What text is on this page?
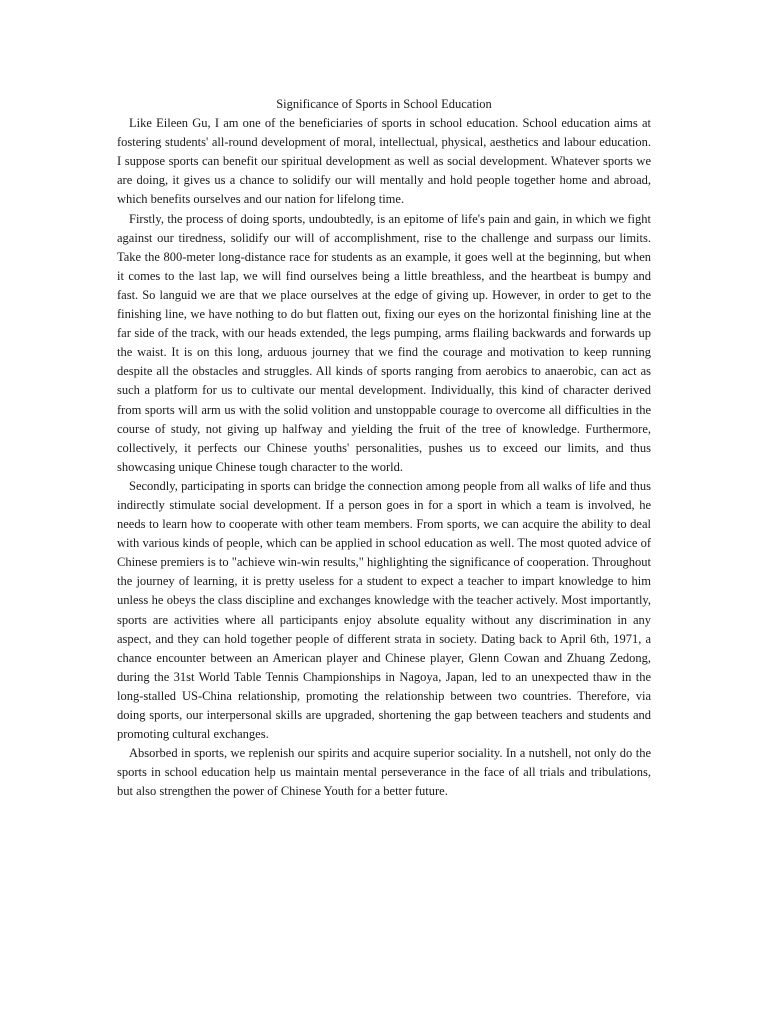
Significance of Sports in School Education

Like Eileen Gu, I am one of the beneficiaries of sports in school education. School education aims at fostering students' all-round development of moral, intellectual, physical, aesthetics and labour education. I suppose sports can benefit our spiritual development as well as social development. Whatever sports we are doing, it gives us a chance to solidify our will mentally and hold people together home and abroad, which benefits ourselves and our nation for lifelong time.

Firstly, the process of doing sports, undoubtedly, is an epitome of life's pain and gain, in which we fight against our tiredness, solidify our will of accomplishment, rise to the challenge and surpass our limits. Take the 800-meter long-distance race for students as an example, it goes well at the beginning, but when it comes to the last lap, we will find ourselves being a little breathless, and the heartbeat is bumpy and fast. So languid we are that we place ourselves at the edge of giving up. However, in order to get to the finishing line, we have nothing to do but flatten out, fixing our eyes on the horizontal finishing line at the far side of the track, with our heads extended, the legs pumping, arms flailing backwards and forwards up the waist. It is on this long, arduous journey that we find the courage and motivation to keep running despite all the obstacles and struggles. All kinds of sports ranging from aerobics to anaerobic, can act as such a platform for us to cultivate our mental development. Individually, this kind of character derived from sports will arm us with the solid volition and unstoppable courage to overcome all difficulties in the course of study, not giving up halfway and yielding the fruit of the tree of knowledge. Furthermore, collectively, it perfects our Chinese youths' personalities, pushes us to exceed our limits, and thus showcasing unique Chinese tough character to the world.

Secondly, participating in sports can bridge the connection among people from all walks of life and thus indirectly stimulate social development. If a person goes in for a sport in which a team is involved, he needs to learn how to cooperate with other team members. From sports, we can acquire the ability to deal with various kinds of people, which can be applied in school education as well. The most quoted advice of Chinese premiers is to "achieve win-win results," highlighting the significance of cooperation. Throughout the journey of learning, it is pretty useless for a student to expect a teacher to impart knowledge to him unless he obeys the class discipline and exchanges knowledge with the teacher actively. Most importantly, sports are activities where all participants enjoy absolute equality without any discrimination in any aspect, and they can hold together people of different strata in society. Dating back to April 6th, 1971, a chance encounter between an American player and Chinese player, Glenn Cowan and Zhuang Zedong, during the 31st World Table Tennis Championships in Nagoya, Japan, led to an unexpected thaw in the long-stalled US-China relationship, promoting the relationship between two countries. Therefore, via doing sports, our interpersonal skills are upgraded, shortening the gap between teachers and students and promoting cultural exchanges.

Absorbed in sports, we replenish our spirits and acquire superior sociality. In a nutshell, not only do the sports in school education help us maintain mental perseverance in the face of all trials and tribulations, but also strengthen the power of Chinese Youth for a better future.
